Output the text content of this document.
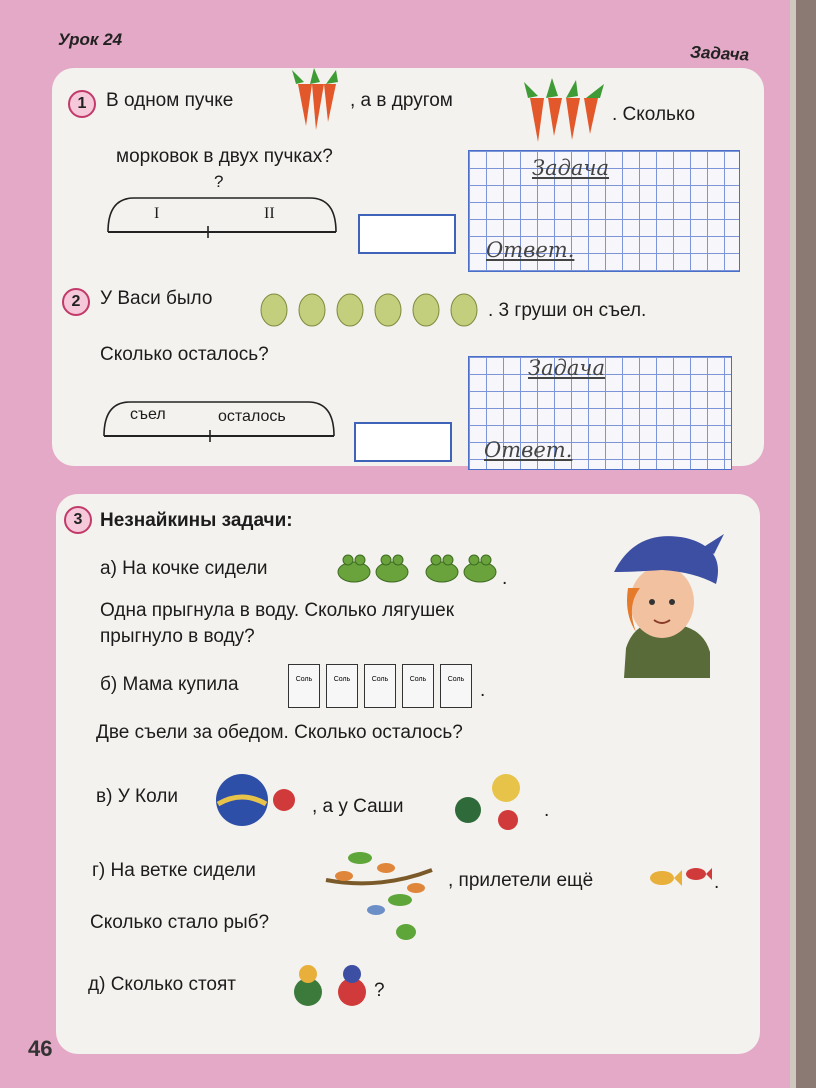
Урок 24
Задача
1	В одном пучке	, а в другом
. Сколько
морковок в двух пучках?
?
I	II
Задача
Ответ.
2	У Васи было
. 3 груши он съел.
Сколько осталось?
съел	осталось
Задача
Ответ.
3 Незнайкины задачи:
а) На кочке сидели	.
Одна прыгнула в воду. Сколько лягушек
прыгнуло в воду?
б) Мама купила	Соль	Соль	Соль	Соль	Соль
.
Две съели за обедом. Сколько осталось?
в) У Коли	, а у Саши	.
г) На ветке сидели	, прилетели ещё	.
Сколько стало рыб?
д) Сколько стоят	?
46
